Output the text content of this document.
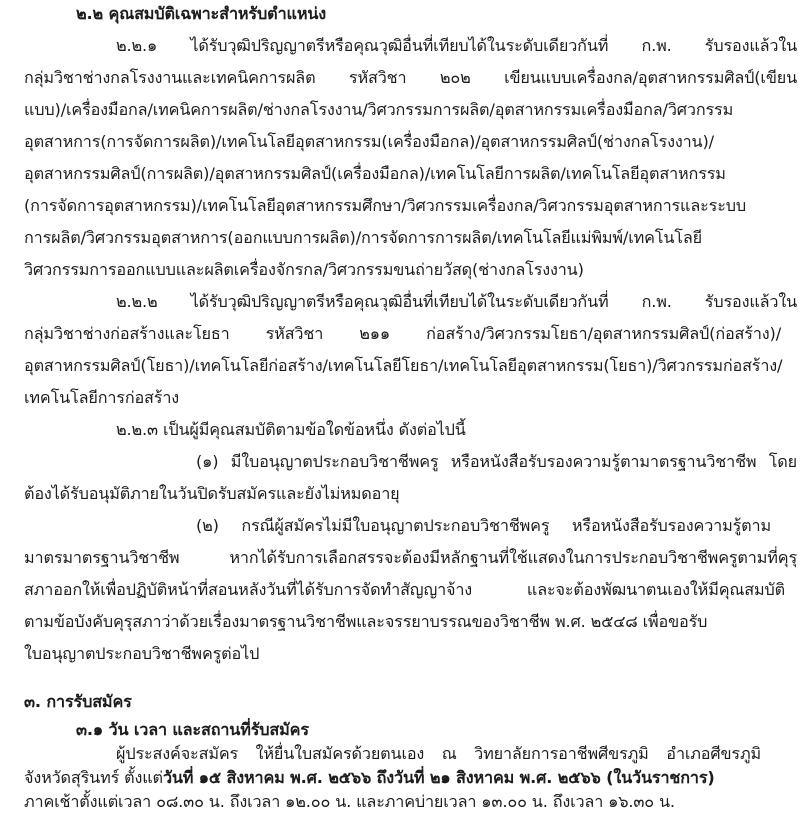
๒.๒ คุณสมบัติเฉพาะสำหรับตำแหน่ง
๒.๒.๑ ได้รับวุฒิปริญญาตรีหรือคุณวุฒิอื่นที่เทียบได้ในระดับเดียวกันที่ ก.พ. รับรองแล้วใน
กลุ่มวิชาช่างกลโรงงานและเทคนิคการผลิต รหัสวิชา ๒๐๒ เขียนแบบเครื่องกล/อุตสาหกรรมศิลป์(เขียน
แบบ)/เครื่องมือกล/เทคนิคการผลิต/ช่างกลโรงงาน/วิศวกรรมการผลิต/อุตสาหกรรมเครื่องมือกล/วิศวกรรม
อุตสาหการ(การจัดการผลิต)/เทคโนโลยีอุตสาหกรรม(เครื่องมือกล)/อุตสาหกรรมศิลป์(ช่างกลโรงงาน)/
อุตสาหกรรมศิลป์(การผลิต)/อุตสาหกรรมศิลป์(เครื่องมือกล)/เทคโนโลยีการผลิต/เทคโนโลยีอุตสาหกรรม
(การจัดการอุตสาหกรรม)/เทคโนโลยีอุตสาหกรรมศึกษา/วิศวกรรมเครื่องกล/วิศวกรรมอุตสาหการและระบบ
การผลิต/วิศวกรรมอุตสาหการ(ออกแบบการผลิต)/การจัดการการผลิต/เทคโนโลยีแม่พิมพ์/เทคโนโลยี
วิศวกรรมการออกแบบและผลิตเครื่องจักรกล/วิศวกรรมขนถ่ายวัสดุ(ช่างกลโรงงาน)
๒.๒.๒ ได้รับวุฒิปริญญาตรีหรือคุณวุฒิอื่นที่เทียบได้ในระดับเดียวกันที่ ก.พ. รับรองแล้วใน
กลุ่มวิชาช่างก่อสร้างและโยธา รหัสวิชา ๒๑๑ ก่อสร้าง/วิศวกรรมโยธา/อุตสาหกรรมศิลป์(ก่อสร้าง)/
อุตสาหกรรมศิลป์(โยธา)/เทคโนโลยีก่อสร้าง/เทคโนโลยีโยธา/เทคโนโลยีอุตสาหกรรม(โยธา)/วิศวกรรมก่อสร้าง/
เทคโนโลยีการก่อสร้าง
๒.๒.๓ เป็นผู้มีคุณสมบัติตามข้อใดข้อหนึ่ง ดังต่อไปนี้
(๑) มีใบอนุญาตประกอบวิชาชีพครู หรือหนังสือรับรองความรู้ตามาตรฐานวิชาชีพ โดย
ต้องได้รับอนุมัติภายในวันปิดรับสมัครและยังไม่หมดอายุ
(๒) กรณีผู้สมัครไม่มีใบอนุญาตประกอบวิชาชีพครู หรือหนังสือรับรองความรู้ตาม
มาตรมาตรฐานวิชาชีพ หากได้รับการเลือกสรรจะต้องมีหลักฐานที่ใช้แสดงในการประกอบวิชาชีพครูตามที่คุรุ
สภาออกให้เพื่อปฏิบัติหน้าที่สอนหลังวันที่ได้รับการจัดทำสัญญาจ้าง และจะต้องพัฒนาตนเองให้มีคุณสมบัติ
ตามข้อบังคับคุรุสภาว่าด้วยเรื่องมาตรฐานวิชาชีพและจรรยาบรรณของวิชาชีพ พ.ศ. ๒๕๔๘ เพื่อขอรับ
ใบอนุญาตประกอบวิชาชีพครูต่อไป
๓. การรับสมัคร
๓.๑ วัน เวลา และสถานที่รับสมัคร
ผู้ประสงค์จะสมัคร ให้ยื่นใบสมัครด้วยตนเอง ณ วิทยาลัยการอาชีพศีขรภูมิ อำเภอศีขรภูมิ
จังหวัดสุรินทร์ ตั้งแต่วันที่ ๑๕ สิงหาคม พ.ศ. ๒๕๖๖ ถึงวันที่ ๒๑ สิงหาคม พ.ศ. ๒๕๖๖ (ในวันราชการ)
ภาคเช้าตั้งแต่เวลา ๐๘.๓๐ น. ถึงเวลา ๑๒.๐๐ น. และภาคบ่ายเวลา ๑๓.๐๐ น. ถึงเวลา ๑๖.๓๐ น.
